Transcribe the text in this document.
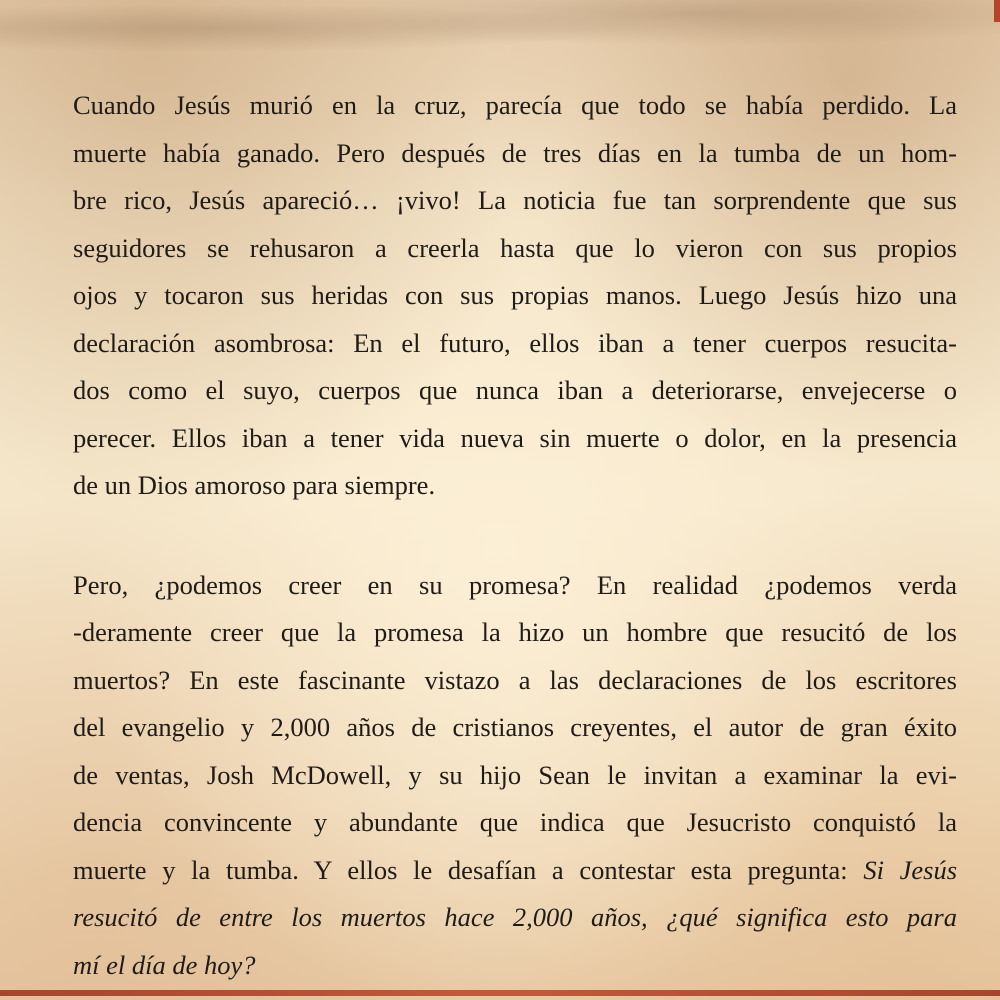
Cuando Jesús murió en la cruz, parecía que todo se había perdido. La
muerte había ganado. Pero después de tres días en la tumba de un hom-
bre rico, Jesús apareció… ¡vivo! La noticia fue tan sorprendente que sus
seguidores se rehusaron a creerla hasta que lo vieron con sus propios
ojos y tocaron sus heridas con sus propias manos. Luego Jesús hizo una
declaración asombrosa: En el futuro, ellos iban a tener cuerpos resucita-
dos como el suyo, cuerpos que nunca iban a deteriorarse, envejecerse o
perecer. Ellos iban a tener vida nueva sin muerte o dolor, en la presencia
de un Dios amoroso para siempre.

Pero, ¿podemos creer en su promesa? En realidad ¿podemos verda
-deramente creer que la promesa la hizo un hombre que resucitó de los
muertos? En este fascinante vistazo a las declaraciones de los escritores
del evangelio y 2,000 años de cristianos creyentes, el autor de gran éxito
de ventas, Josh McDowell, y su hijo Sean le invitan a examinar la evi-
dencia convincente y abundante que indica que Jesucristo conquistó la
muerte y la tumba. Y ellos le desafían a contestar esta pregunta: Si Jesús
resucitó de entre los muertos hace 2,000 años, ¿qué significa esto para
mí el día de hoy?
